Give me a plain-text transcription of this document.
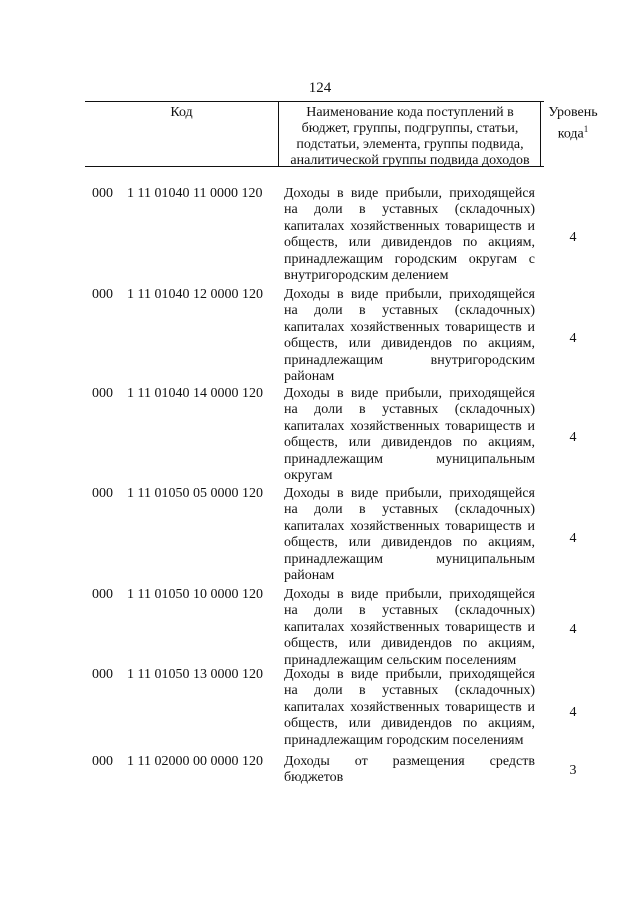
124
Код	Наименование кода поступлений в
бюджет, группы, подгруппы, статьи,
подстатьи, элемента, группы подвида,
аналитической группы подвида доходов
Уровень
кода$^1$
000 1 11 01040 11 0000 120 Доходы в виде прибыли, приходящейся
на доли в уставных (складочных)
капиталах хозяйственных товариществ и
обществ, или дивидендов по акциям,
принадлежащим городским округам с
внутригородским делением
4
000 1 11 01040 12 0000 120 Доходы в виде прибыли, приходящейся
на доли в уставных (складочных)
капиталах хозяйственных товариществ и
обществ, или дивидендов по акциям,
принадлежащим внутригородским
районам
4
000 1 11 01040 14 0000 120 Доходы в виде прибыли, приходящейся
на доли в уставных (складочных)
капиталах хозяйственных товариществ и
обществ, или дивидендов по акциям,
принадлежащим муниципальным
округам
4
000 1 11 01050 05 0000 120 Доходы в виде прибыли, приходящейся
на доли в уставных (складочных)
капиталах хозяйственных товариществ и
обществ, или дивидендов по акциям,
принадлежащим муниципальным
районам
4
000 1 11 01050 10 0000 120 Доходы в виде прибыли, приходящейся
на доли в уставных (складочных)
капиталах хозяйственных товариществ и
обществ, или дивидендов по акциям,
принадлежащим сельским поселениям
4
000 1 11 01050 13 0000 120 Доходы в виде прибыли, приходящейся
на доли в уставных (складочных)
капиталах хозяйственных товариществ и
обществ, или дивидендов по акциям,
принадлежащим городским поселениям
4
000 1 11 02000 00 0000 120 Доходы от размещения средств
бюджетов	3
